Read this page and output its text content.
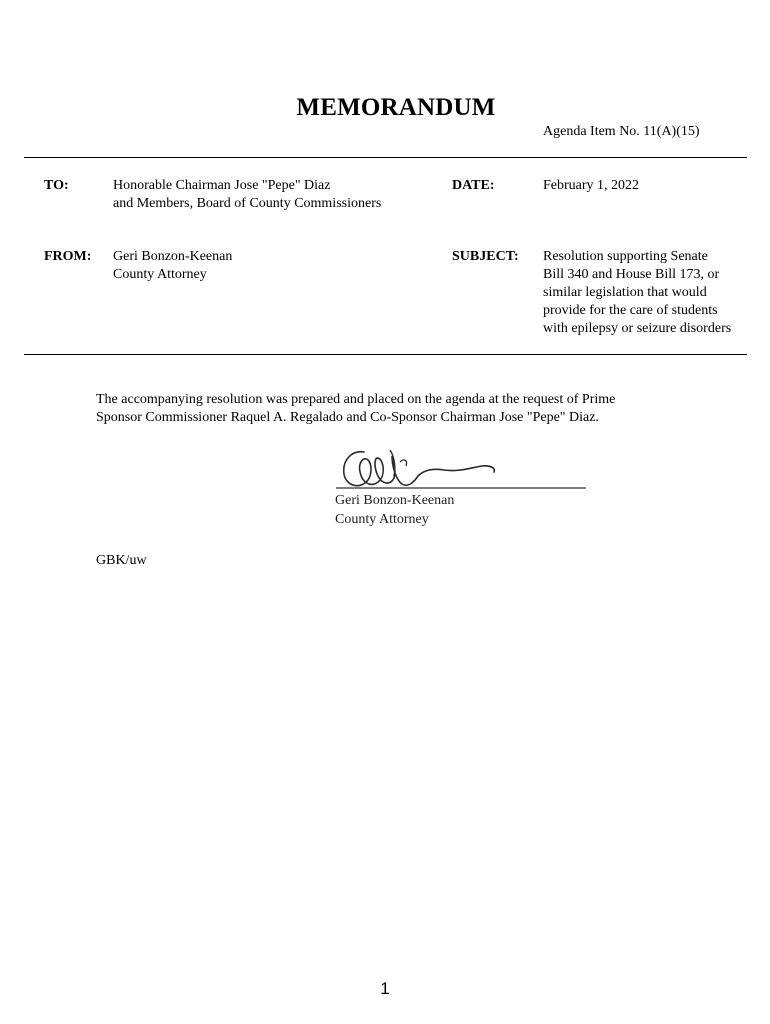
MEMORANDUM
Agenda Item No. 11(A)(15)
TO:	Honorable Chairman Jose "Pepe" Diaz
and Members, Board of County Commissioners
DATE:	February 1, 2022
FROM: Geri Bonzon-Keenan
County Attorney
SUBJECT: Resolution supporting Senate
Bill 340 and House Bill 173, or
similar legislation that would
provide for the care of students
with epilepsy or seizure disorders
The accompanying resolution was prepared and placed on the agenda at the request of Prime
Sponsor Commissioner Raquel A. Regalado and Co-Sponsor Chairman Jose "Pepe" Diaz.
Geri Bonzon-Keenan
County Attorney
GBK/uw
1
